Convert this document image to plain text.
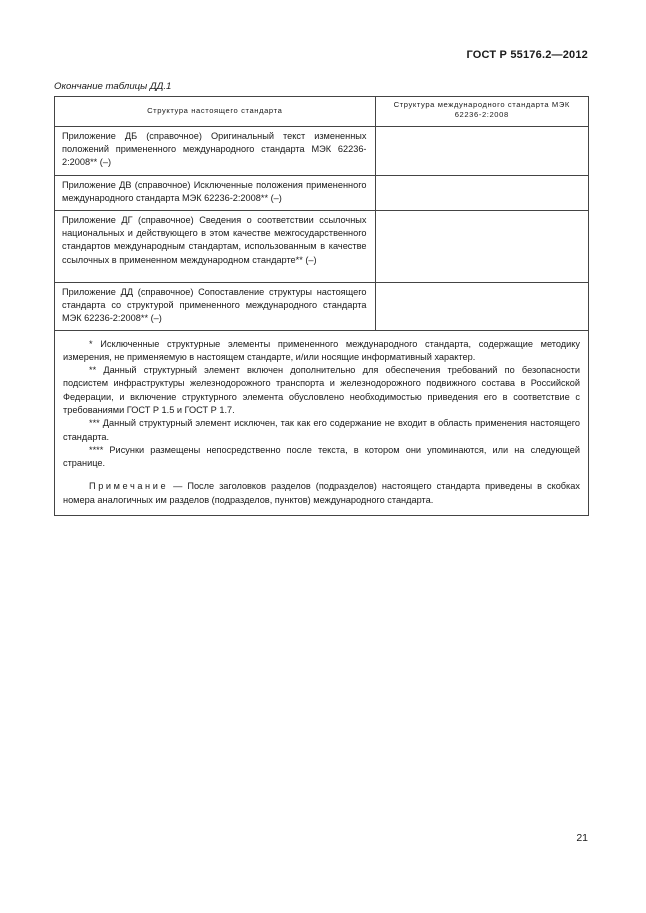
ГОСТ Р 55176.2—2012
Окончание таблицы ДД.1
Структура настоящего стандарта	Структура международного стандарта МЭК 62236-2:2008
Приложение ДБ (справочное) Оригинальный текст измененных положений примененного международного стандарта МЭК 62236-2:2008** (–)	
Приложение ДВ (справочное) Исключенные положения примененного международного стандарта МЭК 62236-2:2008** (–)	
Приложение ДГ (справочное) Сведения о соответствии ссылочных национальных и действующего в этом качестве межгосударственного стандартов международным стандартам, использованным в качестве ссылочных в примененном международном стандарте** (–)	
Приложение ДД (справочное) Сопоставление структуры настоящего стандарта со структурой примененного международного стандарта МЭК 62236-2:2008** (–)	

* Исключенные структурные элементы примененного международного стандарта, содержащие методику измерения, не применяемую в настоящем стандарте, и/или носящие информативный характер.

** Данный структурный элемент включен дополнительно для обеспечения требований по безопасности подсистем инфраструктуры железнодорожного транспорта и железнодорожного подвижного состава в Российской Федерации, и включение структурного элемента обусловлено необходимостью приведения его в соответствие с требованиями ГОСТ Р 1.5 и ГОСТ Р 1.7.

*** Данный структурный элемент исключен, так как его содержание не входит в область применения настоящего стандарта.

**** Рисунки размещены непосредственно после текста, в котором они упоминаются, или на следующей странице.

Примечание — После заголовков разделов (подразделов) настоящего стандарта приведены в скобках номера аналогичных им разделов (подразделов, пунктов) международного стандарта.

21
